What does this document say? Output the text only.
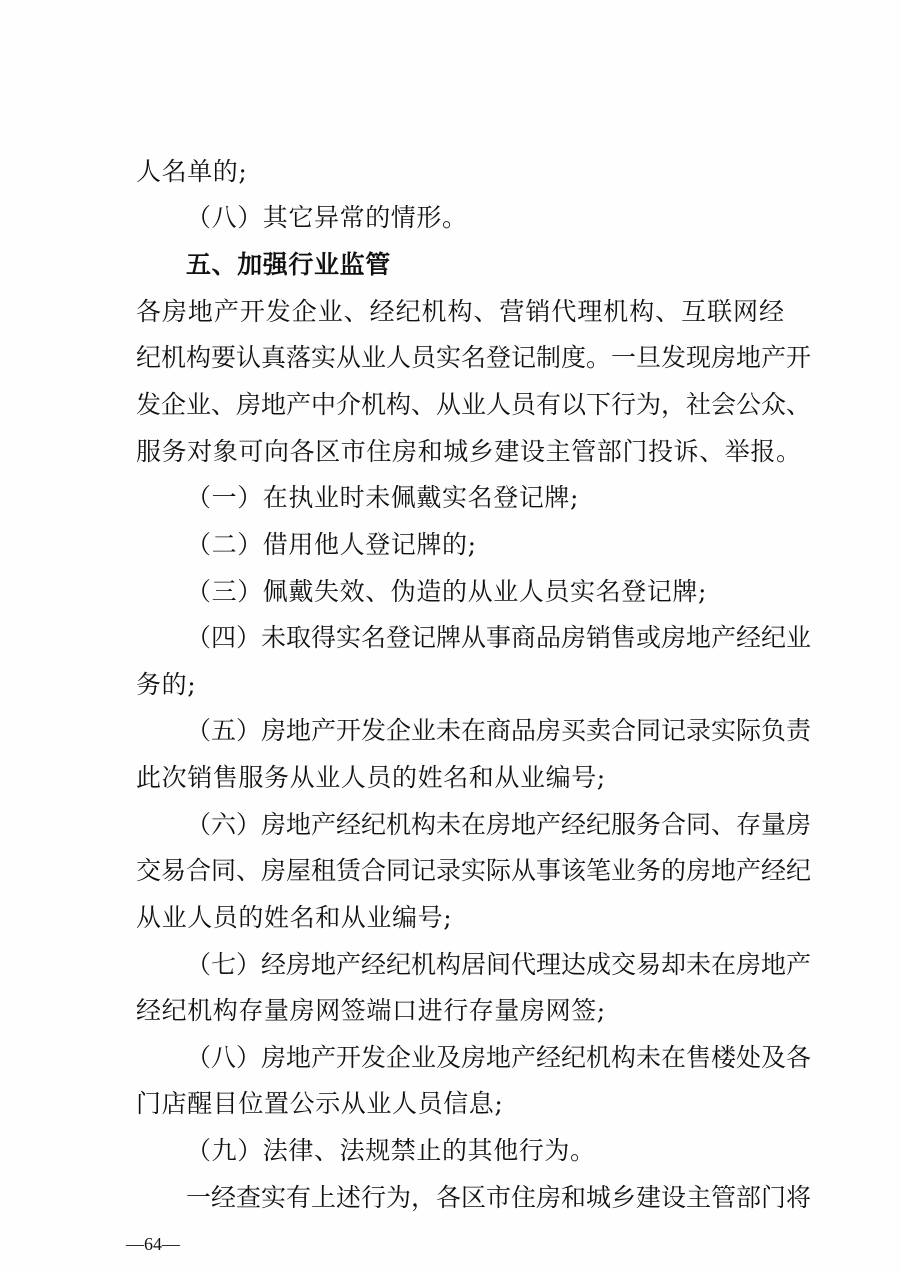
人名单的;
（八）其它异常的情形。
五、加强行业监管
各房地产开发企业、经纪机构、营销代理机构、互联网经
纪机构要认真落实从业人员实名登记制度。一旦发现房地产开
发企业、房地产中介机构、从业人员有以下行为，社会公众、
服务对象可向各区市住房和城乡建设主管部门投诉、举报。
（一）在执业时未佩戴实名登记牌;
（二）借用他人登记牌的;
（三）佩戴失效、伪造的从业人员实名登记牌;
（四）未取得实名登记牌从事商品房销售或房地产经纪业
务的;
（五）房地产开发企业未在商品房买卖合同记录实际负责
此次销售服务从业人员的姓名和从业编号;
（六）房地产经纪机构未在房地产经纪服务合同、存量房
交易合同、房屋租赁合同记录实际从事该笔业务的房地产经纪
从业人员的姓名和从业编号;
（七）经房地产经纪机构居间代理达成交易却未在房地产
经纪机构存量房网签端口进行存量房网签;
（八）房地产开发企业及房地产经纪机构未在售楼处及各
门店醒目位置公示从业人员信息;
（九）法律、法规禁止的其他行为。
一经查实有上述行为，各区市住房和城乡建设主管部门将
—64—
